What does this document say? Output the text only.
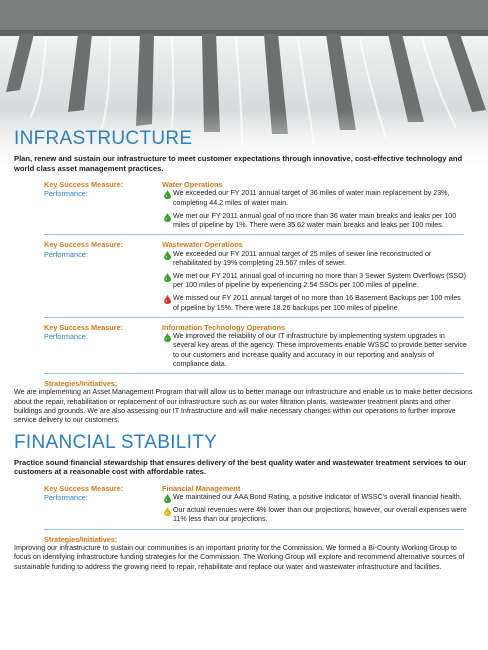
INFRASTRUCTURE
Plan, renew and sustain our infrastructure to meet customer expectations through innovative, cost-effective technology and world class asset management practices.
Key Success Measure:
Performance:
Water Operations
We exceeded our FY 2011 annual target of 36 miles of water main replacement by 23%, completing 44.2 miles of water main.
We met our FY 2011 annual goal of no more than 36 water main breaks and leaks per 100 miles of pipeline by 1%. There were 35.62 water main breaks and leaks per 100 miles.
Key Success Measure:
Performance:
Wastewater Operations
We exceeded our FY 2011 annual target of 25 miles of sewer line reconstructed or rehabilitated by 19% completing 29.567 miles of sewer.
We met our FY 2011 annual goal of incurring no more than 3 Sewer System Overflows (SSO) per 100 miles of pipeline by experiencing 2.54 SSOs per 100 miles of pipeline.
We missed our FY 2011 annual target of no more than 16 Basement Backups per 100 miles of pipeline by 15%. There were 18.26 backups per 100 miles of pipeline.
Key Success Measure:
Performance:
Information Technology Operations
We improved the reliability of our IT infrastructure by implementing system upgrades in several key areas of the agency. These improvements enable WSSC to provide better service to our customers and increase quality and accuracy in our reporting and analysis of compliance data.
Strategies/Initiatives:
We are implementing an Asset Management Program that will allow us to better manage our infrastructure and enable us to make better decisions about the repair, rehabilitation or replacement of our infrastructure such as our water filtration plants, wastewater treatment plants and other buildings and grounds. We are also assessing our IT Infrastructure and will make necessary changes within our operations to further improve service delivery to our customers.
FINANCIAL STABILITY
Practice sound financial stewardship that ensures delivery of the best quality water and wastewater treatment services to our customers at a reasonable cost with affordable rates.
Key Success Measure:
Performance:
Financial Management
We maintained our AAA Bond Rating, a positive indicator of WSSC's overall financial health.
Our actual revenues were 4% lower than our projections, however, our overall expenses were 11% less than our projections.
Strategies/Initiatives:
Improving our infrastructure to sustain our communities is an important priority for the Commission. We formed a Bi-County Working Group to focus on identifying infrastructure funding strategies for the Commission. The Working Group will explore and recommend alternative sources of sustainable funding to address the growing need to repair, rehabilitate and replace our water and wastewater infrastructure and facilities.
